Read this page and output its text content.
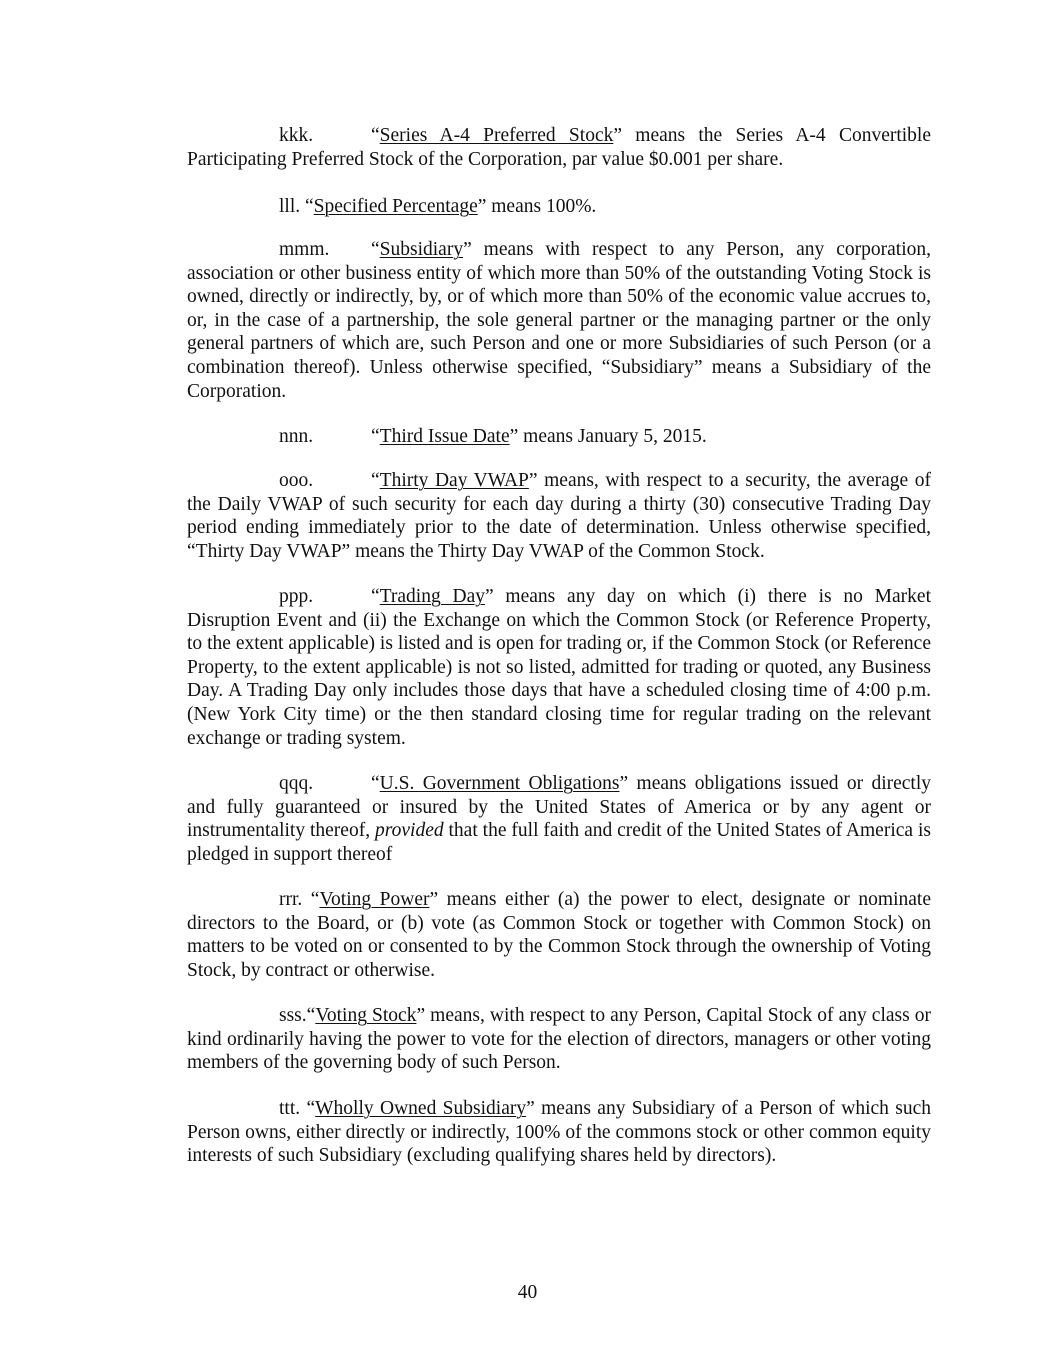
kkk.	“Series A-4 Preferred Stock” means the Series A-4 Convertible Participating Preferred Stock of the Corporation, par value $0.001 per share.

lll. “Specified Percentage” means 100%.

mmm. “Subsidiary” means with respect to any Person, any corporation, association or other business entity of which more than 50% of the outstanding Voting Stock is owned, directly or indirectly, by, or of which more than 50% of the economic value accrues to, or, in the case of a partnership, the sole general partner or the managing partner or the only general partners of which are, such Person and one or more Subsidiaries of such Person (or a combination thereof). Unless otherwise specified, “Subsidiary” means a Subsidiary of the Corporation.

nnn.	“Third Issue Date” means January 5, 2015.

ooo.	“Thirty Day VWAP” means, with respect to a security, the average of the Daily VWAP of such security for each day during a thirty (30) consecutive Trading Day period ending immediately prior to the date of determination. Unless otherwise specified, “Thirty Day VWAP” means the Thirty Day VWAP of the Common Stock.

ppp.	“Trading Day” means any day on which (i) there is no Market Disruption Event and (ii) the Exchange on which the Common Stock (or Reference Property, to the extent applicable) is listed and is open for trading or, if the Common Stock (or Reference Property, to the extent applicable) is not so listed, admitted for trading or quoted, any Business Day. A Trading Day only includes those days that have a scheduled closing time of 4:00 p.m. (New York City time) or the then standard closing time for regular trading on the relevant exchange or trading system.

qqq.	“U.S. Government Obligations” means obligations issued or directly and fully guaranteed or insured by the United States of America or by any agent or instrumentality thereof, provided that the full faith and credit of the United States of America is pledged in support thereof

rrr. “Voting Power” means either (a) the power to elect, designate or nominate directors to the Board, or (b) vote (as Common Stock or together with Common Stock) on matters to be voted on or consented to by the Common Stock through the ownership of Voting Stock, by contract or otherwise.

sss.“Voting Stock” means, with respect to any Person, Capital Stock of any class or kind ordinarily having the power to vote for the election of directors, managers or other voting members of the governing body of such Person.

ttt. “Wholly Owned Subsidiary” means any Subsidiary of a Person of which such Person owns, either directly or indirectly, 100% of the commons stock or other common equity interests of such Subsidiary (excluding qualifying shares held by directors).

40
